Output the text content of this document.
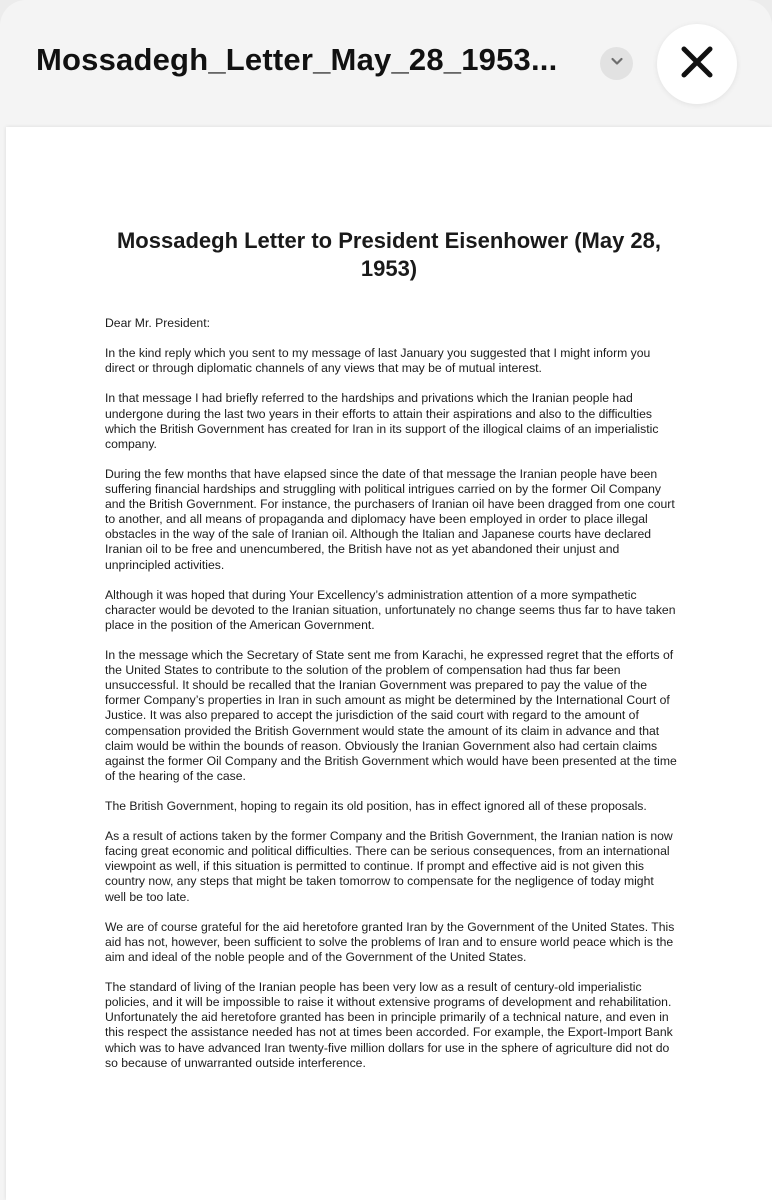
Mossadegh_Letter_May_28_1953...
Mossadegh Letter to President Eisenhower (May 28, 1953)

Dear Mr. President:

In the kind reply which you sent to my message of last January you suggested that I might inform you direct or through diplomatic channels of any views that may be of mutual interest.

In that message I had briefly referred to the hardships and privations which the Iranian people had undergone during the last two years in their efforts to attain their aspirations and also to the difficulties which the British Government has created for Iran in its support of the illogical claims of an imperialistic company.

During the few months that have elapsed since the date of that message the Iranian people have been suffering financial hardships and struggling with political intrigues carried on by the former Oil Company and the British Government. For instance, the purchasers of Iranian oil have been dragged from one court to another, and all means of propaganda and diplomacy have been employed in order to place illegal obstacles in the way of the sale of Iranian oil. Although the Italian and Japanese courts have declared Iranian oil to be free and unencumbered, the British have not as yet abandoned their unjust and unprincipled activities.

Although it was hoped that during Your Excellency’s administration attention of a more sympathetic character would be devoted to the Iranian situation, unfortunately no change seems thus far to have taken place in the position of the American Government.

In the message which the Secretary of State sent me from Karachi, he expressed regret that the efforts of the United States to contribute to the solution of the problem of compensation had thus far been unsuccessful. It should be recalled that the Iranian Government was prepared to pay the value of the former Company’s properties in Iran in such amount as might be determined by the International Court of Justice. It was also prepared to accept the jurisdiction of the said court with regard to the amount of compensation provided the British Government would state the amount of its claim in advance and that claim would be within the bounds of reason. Obviously the Iranian Government also had certain claims against the former Oil Company and the British Government which would have been presented at the time of the hearing of the case.

The British Government, hoping to regain its old position, has in effect ignored all of these proposals.

As a result of actions taken by the former Company and the British Government, the Iranian nation is now facing great economic and political difficulties. There can be serious consequences, from an international viewpoint as well, if this situation is permitted to continue. If prompt and effective aid is not given this country now, any steps that might be taken tomorrow to compensate for the negligence of today might well be too late.

We are of course grateful for the aid heretofore granted Iran by the Government of the United States. This aid has not, however, been sufficient to solve the problems of Iran and to ensure world peace which is the aim and ideal of the noble people and of the Government of the United States.

The standard of living of the Iranian people has been very low as a result of century-old imperialistic policies, and it will be impossible to raise it without extensive programs of development and rehabilitation. Unfortunately the aid heretofore granted has been in principle primarily of a technical nature, and even in this respect the assistance needed has not at times been accorded. For example, the Export-Import Bank which was to have advanced Iran twenty-five million dollars for use in the sphere of agriculture did not do so because of unwarranted outside interference.
